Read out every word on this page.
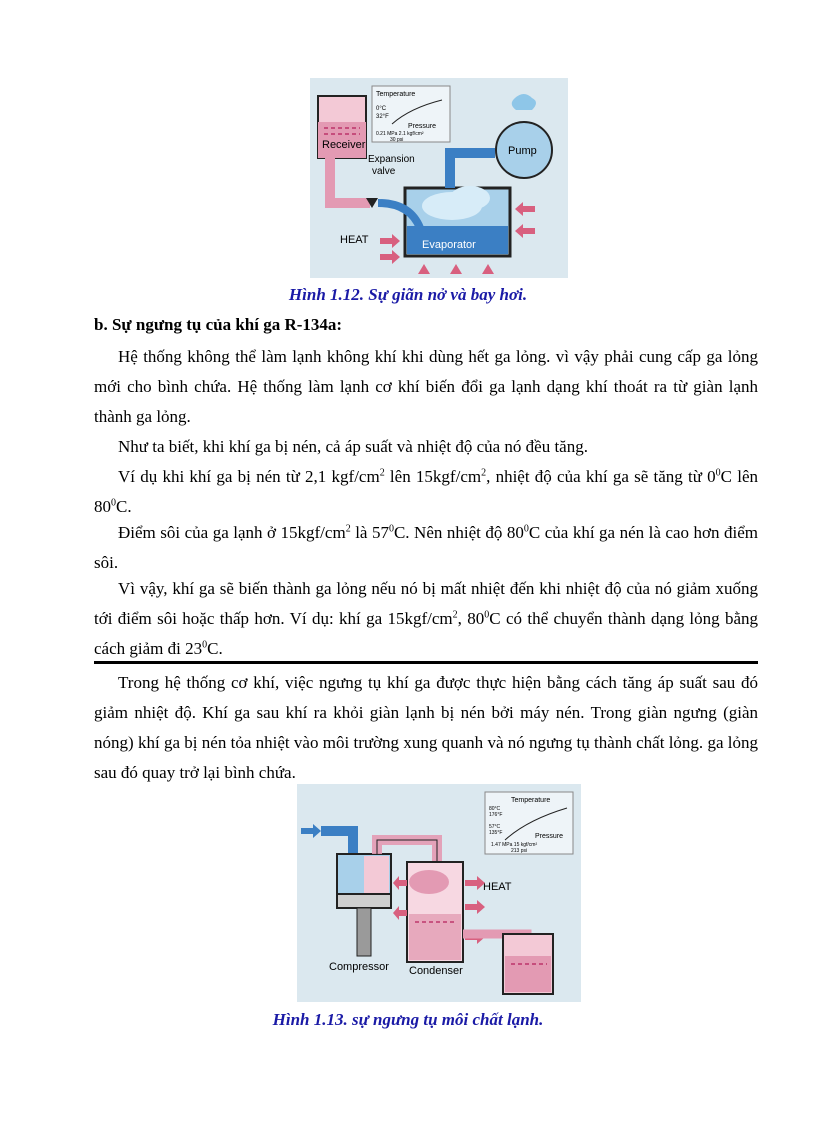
Receiver
Expansion
valve
Evaporator
Pump
HEAT
Temperature
0°C
32°F
Pressure
0.21 MPa 2.1 kgf/cm²
30 psi
Hình 1.12. Sự giãn nở và bay hơi.
b. Sự ngưng tụ của khí ga R-134a:

Hệ thống không thể làm lạnh không khí khi dùng hết ga lỏng. vì vậy phải cung cấp ga lỏng mới cho bình chứa. Hệ thống làm lạnh cơ khí biến đổi ga lạnh dạng khí thoát ra từ giàn lạnh thành ga lỏng.

Như ta biết, khi khí ga bị nén, cả áp suất và nhiệt độ của nó đều tăng.

Ví dụ khi khí ga bị nén từ 2,1 kgf/$cm^2$ lên $15kgf/cm^2$, nhiệt độ của khí ga sẽ tăng từ $0^0C$ lên $80^0C$.

Điểm sôi của ga lạnh ở $15kgf/cm^2$ là $57^0C$. Nên nhiệt độ $80^0C$ của khí ga nén là cao hơn điểm sôi.

Vì vậy, khí ga sẽ biến thành ga lỏng nếu nó bị mất nhiệt đến khi nhiệt độ của nó giảm xuống tới điểm sôi hoặc thấp hơn. Ví dụ: khí ga $15kgf/cm^2$, $80^0C$ có thể chuyển thành dạng lỏng bằng cách giảm đi $23^0C$.

Trong hệ thống cơ khí, việc ngưng tụ khí ga được thực hiện bằng cách tăng áp suất sau đó giảm nhiệt độ. Khí ga sau khí ra khỏi giàn lạnh bị nén bởi máy nén. Trong giàn ngưng (giàn nóng) khí ga bị nén tỏa nhiệt vào môi trường xung quanh và nó ngưng tụ thành chất lỏng. ga lỏng sau đó quay trở lại bình chứa.

Compressor Condenser
HEAT
Temperature
80°C
176°F
57°C
135°F	Pressure
1.47 MPa 15 kgf/cm²
213 psi
Hình 1.13. sự ngưng tụ môi chất lạnh.
